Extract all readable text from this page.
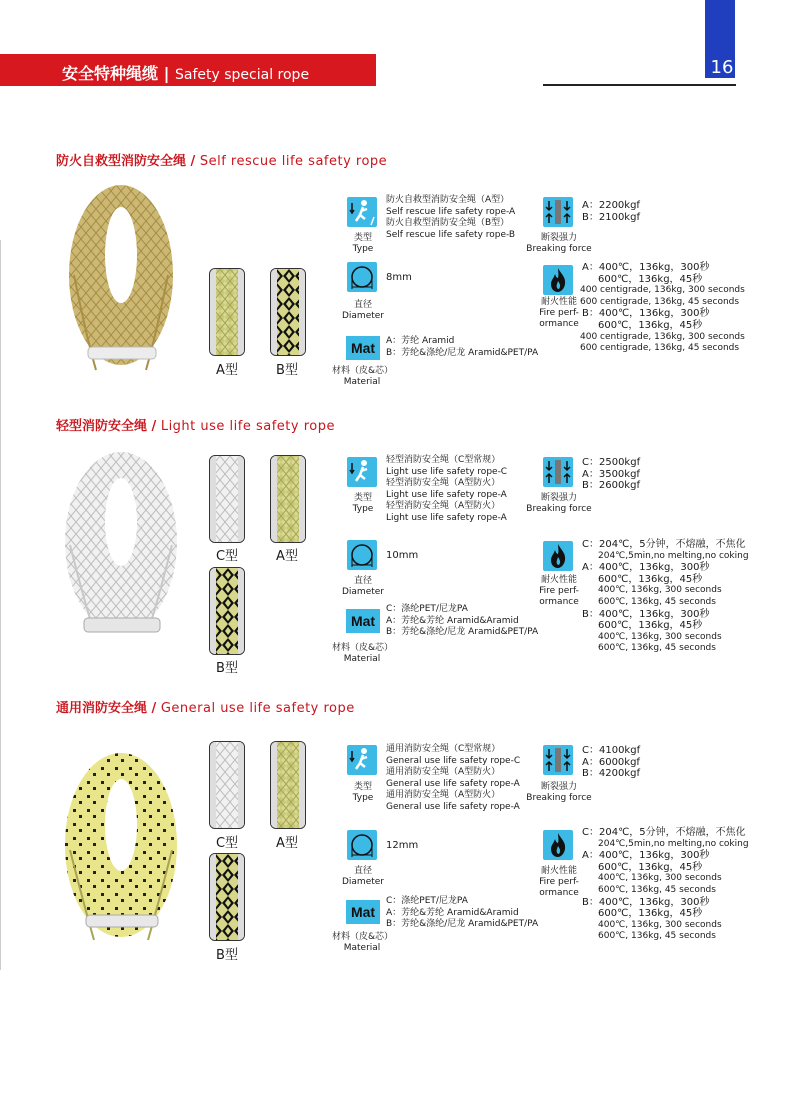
安全特种绳缆 | Safety special rope	16
防火自救型消防安全绳 / Self rescue life safety rope
A型	B型
类型
Type
防火自救型消防安全绳（A型）
Self rescue life safety rope-A
防火自救型消防安全绳（B型）
Self rescue life safety rope-B
8mm
直径
Diameter
Mat	A：芳纶 Aramid
B：芳纶&涤纶/尼龙 Aramid&PET/PA
材料（皮&芯）
Material
A：2200kgf
B：2100kgf
断裂强力
Breaking force
耐火性能
Fire perf-
ormance
A：400℃，136kg，300秒
600℃，136kg，45秒
400 centigrade, 136kg, 300 seconds
600 centigrade, 136kg, 45 seconds
B：400℃，136kg，300秒
600℃，136kg，45秒
400 centigrade, 136kg, 300 seconds
600 centigrade, 136kg, 45 seconds
轻型消防安全绳 / Light use life safety rope
C型	A型
B型
类型
Type
轻型消防安全绳（C型常规）
Light use life safety rope-C
轻型消防安全绳（A型防火）
Light use life safety rope-A
轻型消防安全绳（A型防火）
Light use life safety rope-A
10mm
直径
Diameter
Mat
C：涤纶PET/尼龙PA
A：芳纶&芳纶 Aramid&Aramid
B：芳纶&涤纶/尼龙 Aramid&PET/PA
材料（皮&芯）
Material
C：2500kgf
A：3500kgf
B：2600kgf
断裂强力
Breaking force
耐火性能
Fire perf-
ormance
C：204℃，5分钟，不熔融，不焦化
204℃,5min,no melting,no coking
A：400℃，136kg，300秒
600℃，136kg，45秒
400℃, 136kg, 300 seconds
600℃, 136kg, 45 seconds
B：400℃，136kg，300秒
600℃，136kg，45秒
400℃, 136kg, 300 seconds
600℃, 136kg, 45 seconds
通用消防安全绳 / General use life safety rope
C型	A型
B型
类型
Type
通用消防安全绳（C型常规）
General use life safety rope-C
通用消防安全绳（A型防火）
General use life safety rope-A
通用消防安全绳（A型防火）
General use life safety rope-A
12mm
直径
Diameter
Mat
C：涤纶PET/尼龙PA
A：芳纶&芳纶 Aramid&Aramid
B：芳纶&涤纶/尼龙 Aramid&PET/PA
材料（皮&芯）
Material
C：4100kgf
A：6000kgf
B：4200kgf
断裂强力
Breaking force
耐火性能
Fire perf-
ormance
C：204℃，5分钟，不熔融，不焦化
204℃,5min,no melting,no coking
A：400℃，136kg，300秒
600℃，136kg，45秒
400℃, 136kg, 300 seconds
600℃, 136kg, 45 seconds
B：400℃，136kg，300秒
600℃，136kg，45秒
400℃, 136kg, 300 seconds
600℃, 136kg, 45 seconds
